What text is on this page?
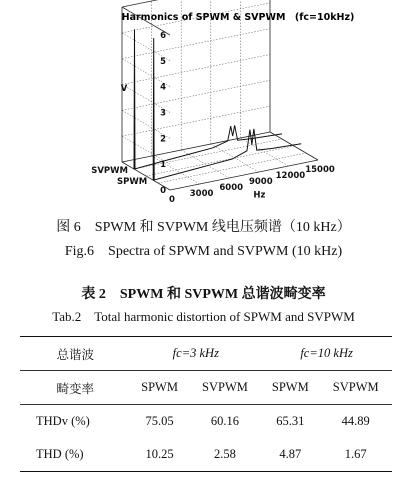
Harmonics of SPWM & SVPWM　(fc=10kHz)
0
1
2
3
4
5
6
0
3000
6000
9000
12000
15000
SVPWM
SPWM
V
Hz
图 6　SPWM 和 SVPWM 线电压频谱（10 kHz）
Fig.6　Spectra of SPWM and SVPWM (10 kHz)
表 2　SPWM 和 SVPWM 总谐波畸变率
Tab.2　Total harmonic distortion of SPWM and SVPWM
总谐波	fc=3 kHz		fc=10 kHz	
畸变率	SPWM	SVPWM	SPWM	SVPWM
THDv (%)	75.05	60.16	65.31	44.89
THD (%)	10.25	2.58	4.87	1.67
